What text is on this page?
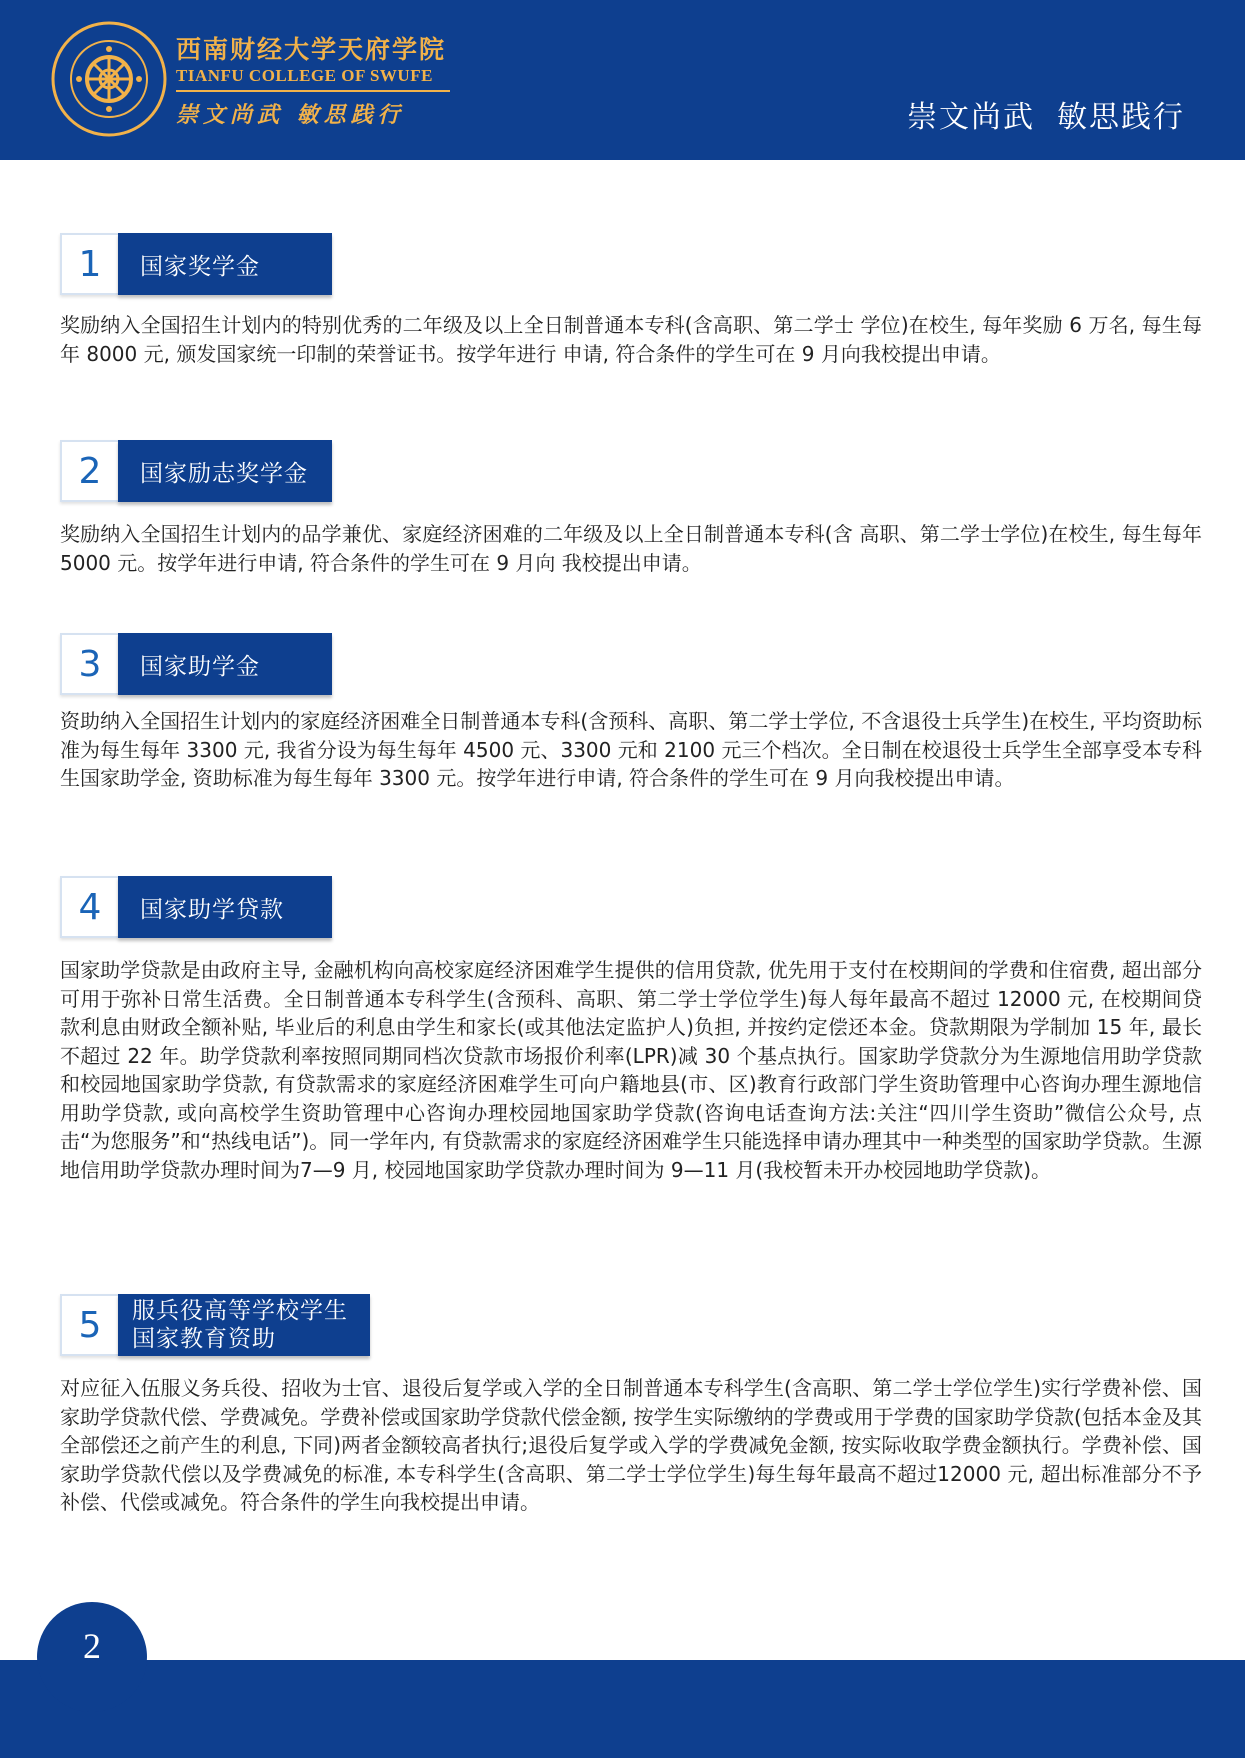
西南财经大学天府学院
TIANFU COLLEGE OF SWUFE
崇文尚武 敏思践行	崇文尚武 敏思践行
1	国家奖学金

奖励纳入全国招生计划内的特别优秀的二年级及以上全日制普通本专科(含高职、第二学士 学位)在校生, 每年奖励 6 万名, 每生每年 8000 元, 颁发国家统一印制的荣誉证书。按学年进行 申请, 符合条件的学生可在 9 月向我校提出申请。

2	国家励志奖学金

奖励纳入全国招生计划内的品学兼优、家庭经济困难的二年级及以上全日制普通本专科(含 高职、第二学士学位)在校生, 每生每年 5000 元。按学年进行申请, 符合条件的学生可在 9 月向 我校提出申请。

3	国家助学金

资助纳入全国招生计划内的家庭经济困难全日制普通本专科(含预科、高职、第二学士学位, 不含退役士兵学生)在校生, 平均资助标准为每生每年 3300 元, 我省分设为每生每年 4500 元、3300 元和 2100 元三个档次。全日制在校退役士兵学生全部享受本专科生国家助学金, 资助标准为每生每年 3300 元。按学年进行申请, 符合条件的学生可在 9 月向我校提出申请。

4	国家助学贷款

国家助学贷款是由政府主导, 金融机构向高校家庭经济困难学生提供的信用贷款, 优先用于支付在校期间的学费和住宿费, 超出部分可用于弥补日常生活费。全日制普通本专科学生(含预科、高职、第二学士学位学生)每人每年最高不超过 12000 元, 在校期间贷款利息由财政全额补贴, 毕业后的利息由学生和家长(或其他法定监护人)负担, 并按约定偿还本金。贷款期限为学制加 15 年, 最长不超过 22 年。助学贷款利率按照同期同档次贷款市场报价利率(LPR)减 30 个基点执行。国家助学贷款分为生源地信用助学贷款和校园地国家助学贷款, 有贷款需求的家庭经济困难学生可向户籍地县(市、区)教育行政部门学生资助管理中心咨询办理生源地信用助学贷款, 或向高校学生资助管理中心咨询办理校园地国家助学贷款(咨询电话查询方法:关注“四川学生资助”微信公众号, 点击“为您服务”和“热线电话”)。同一学年内, 有贷款需求的家庭经济困难学生只能选择申请办理其中一种类型的国家助学贷款。生源地信用助学贷款办理时间为7—9 月, 校园地国家助学贷款办理时间为 9—11 月(我校暂未开办校园地助学贷款)。

5	服兵役高等学校学生
国家教育资助

对应征入伍服义务兵役、招收为士官、退役后复学或入学的全日制普通本专科学生(含高职、第二学士学位学生)实行学费补偿、国家助学贷款代偿、学费减免。学费补偿或国家助学贷款代偿金额, 按学生实际缴纳的学费或用于学费的国家助学贷款(包括本金及其全部偿还之前产生的利息, 下同)两者金额较高者执行;退役后复学或入学的学费减免金额, 按实际收取学费金额执行。学费补偿、国家助学贷款代偿以及学费减免的标准, 本专科学生(含高职、第二学士学位学生)每生每年最高不超过12000 元, 超出标准部分不予补偿、代偿或减免。符合条件的学生向我校提出申请。

2
